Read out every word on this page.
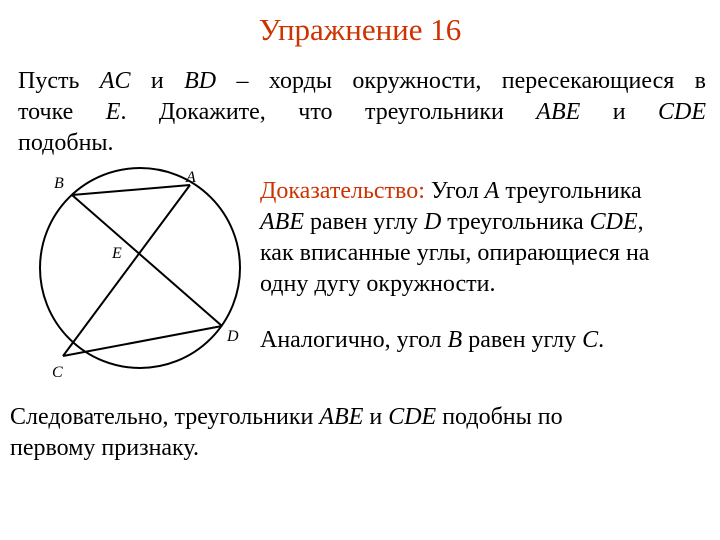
Упражнение 16
Пусть AC и BD – хорды окружности, пересекающиеся в
точке E. Докажите, что треугольники ABE и CDE
подобны.
B	A
E
D
C
Доказательство: Угол A треугольника
ABE равен углу D треугольника CDE,
как вписанные углы, опирающиеся на
одну дугу окружности.
Аналогично, угол B равен углу C.
Следовательно, треугольники ABE и CDE подобны по
первому признаку.
